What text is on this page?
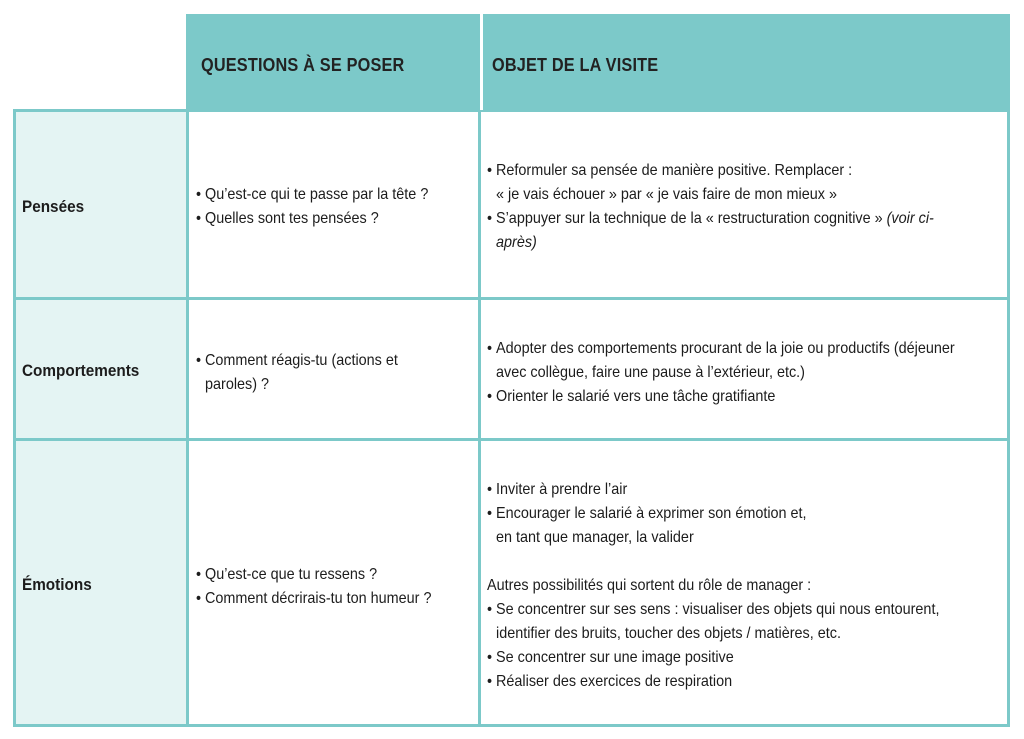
QUESTIONS À SE POSER	OBJET DE LA VISITE
Pensées
Comportements
Émotions
• Qu’est-ce qui te passe par la tête ?
• Quelles sont tes pensées ?
• Reformuler sa pensée de manière positive. Remplacer :

« je vais échouer » par « je vais faire de mon mieux »

• S’appuyer sur la technique de la « restructuration cognitive » (voir ci-

après)

• Comment réagis-tu (actions et

paroles) ?

• Adopter des comportements procurant de la joie ou productifs (déjeuner

avec collègue, faire une pause à l’extérieur, etc.)

• Orienter le salarié vers une tâche gratifiante
• Qu’est-ce que tu ressens ?
• Comment décrirais-tu ton humeur ?
• Inviter à prendre l’air
• Encourager le salarié à exprimer son émotion et,

en tant que manager, la valider

Autres possibilités qui sortent du rôle de manager :

• Se concentrer sur ses sens : visualiser des objets qui nous entourent,

identifier des bruits, toucher des objets / matières, etc.

• Se concentrer sur une image positive
• Réaliser des exercices de respiration
